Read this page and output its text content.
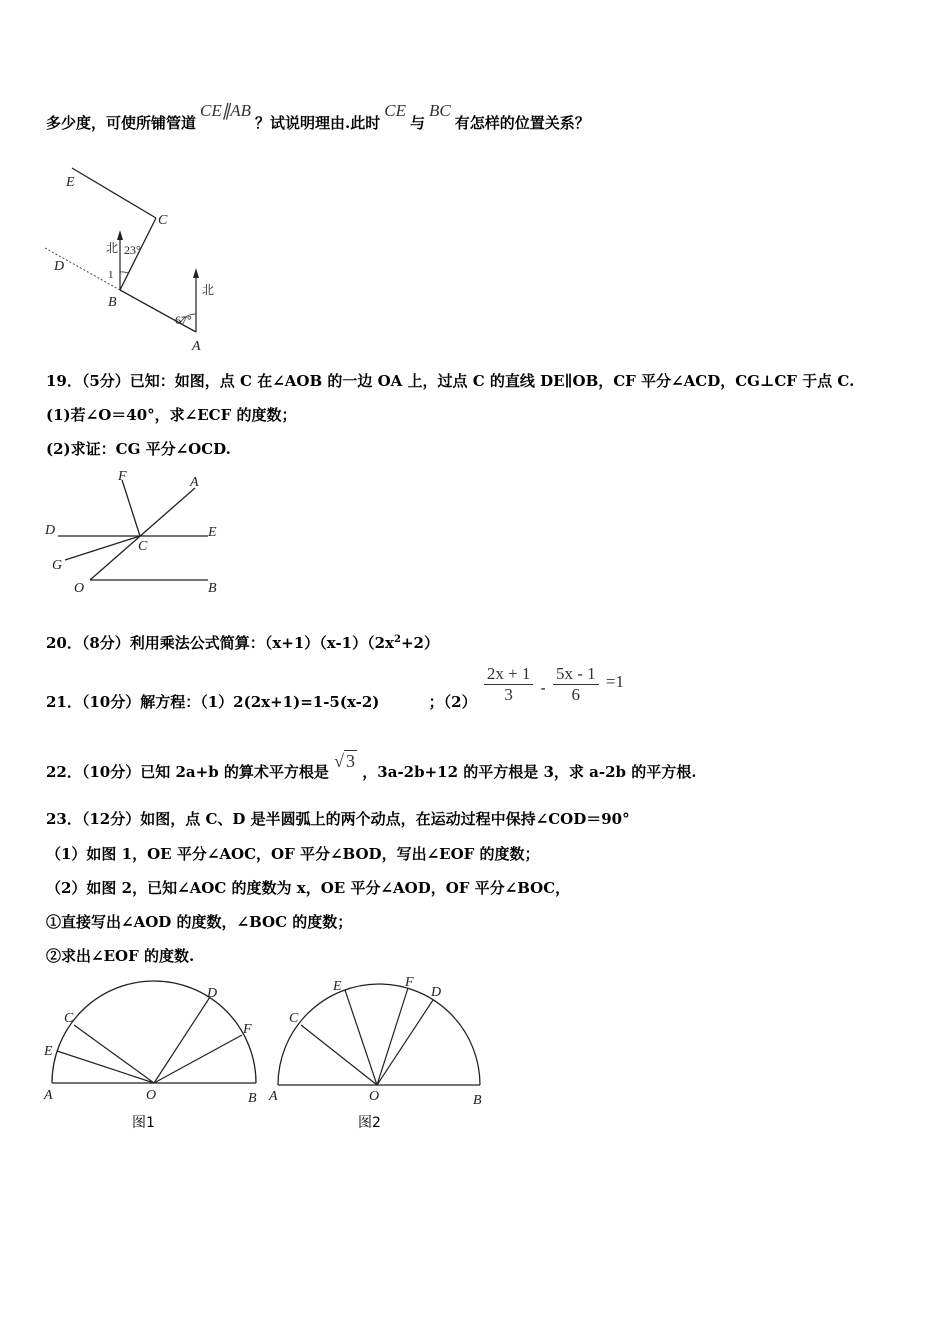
多少度，可使所铺管道CE∥AB？试说明理由.此时CE与BC有怎样的位置关系？
E
C
D
B
A
1
北
北
23°
67°
19．（5分）已知：如图，点 C 在∠AOB 的一边 OA 上，过点 C 的直线 DE∥OB，CF 平分∠ACD，CG⊥CF 于点 C.
(1)若∠O＝40°，求∠ECF 的度数；
(2)求证：CG 平分∠OCD.
F	A
D	E
C
G
O	B
20．（8分）利用乘法公式简算：$(x+1)(x-1)(2x^2+2)$
21．（10分）解方程：（1）2(2x+1)=1-5(x-2)	；$(2) \frac{2x + 1}{3} - \frac{5x - 1}{6} =1$
22．（10分）已知 2a+b 的算术平方根是 √ 3 ，3a-2b+12 的平方根是 3，求 a-2b 的平方根.
23．（12分）如图，点 C、D 是半圆弧上的两个动点，在运动过程中保持∠COD＝90°
（1）如图 1，OE 平分∠AOC，OF 平分∠BOD，写出∠EOF 的度数；
（2）如图 2，已知∠AOC 的度数为 x，OE 平分∠AOD，OF 平分∠BOC，
①直接写出∠AOD 的度数，∠BOC 的度数；
②求出∠EOF 的度数.
C
D
E
F
A	O	B
图1
C
E	F
D
A	O	B
图2
